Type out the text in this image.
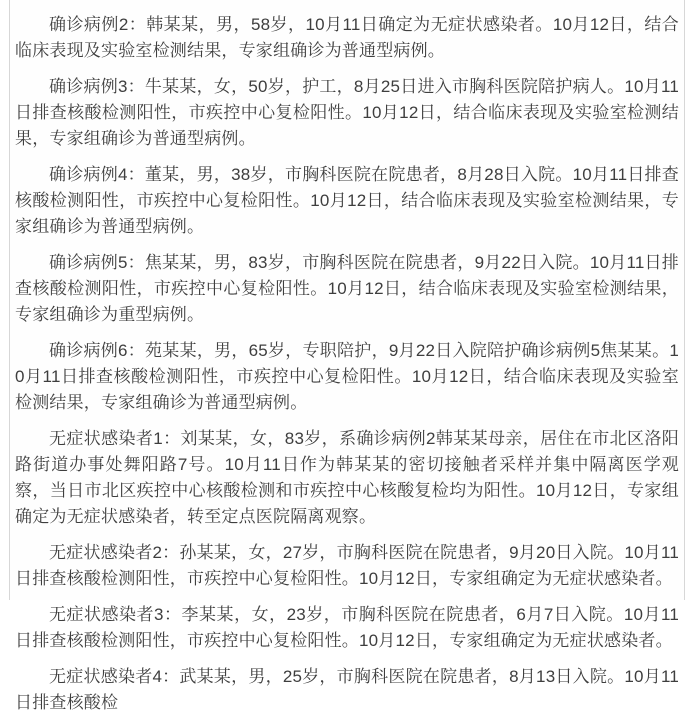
确诊病例2：韩某某，男，58岁，10月11日确定为无症状感染者。10月12日，结合临床表现及实验室检测结果，专家组确诊为普通型病例。

确诊病例3：牛某某，女，50岁，护工，8月25日进入市胸科医院陪护病人。10月11日排查核酸检测阳性，市疾控中心复检阳性。10月12日，结合临床表现及实验室检测结果，专家组确诊为普通型病例。

确诊病例4：董某，男，38岁，市胸科医院在院患者，8月28日入院。10月11日排查核酸检测阳性，市疾控中心复检阳性。10月12日，结合临床表现及实验室检测结果，专家组确诊为普通型病例。

确诊病例5：焦某某，男，83岁，市胸科医院在院患者，9月22日入院。10月11日排查核酸检测阳性，市疾控中心复检阳性。10月12日，结合临床表现及实验室检测结果，专家组确诊为重型病例。

确诊病例6：苑某某，男，65岁，专职陪护，9月22日入院陪护确诊病例5焦某某。10月11日排查核酸检测阳性，市疾控中心复检阳性。10月12日，结合临床表现及实验室检测结果，专家组确诊为普通型病例。

无症状感染者1：刘某某，女，83岁，系确诊病例2韩某某母亲，居住在市北区洛阳路街道办事处舞阳路7号。10月11日作为韩某某的密切接触者采样并集中隔离医学观察，当日市北区疾控中心核酸检测和市疾控中心核酸复检均为阳性。10月12日，专家组确定为无症状感染者，转至定点医院隔离观察。

无症状感染者2：孙某某，女，27岁，市胸科医院在院患者，9月20日入院。10月11日排查核酸检测阳性，市疾控中心复检阳性。10月12日，专家组确定为无症状感染者。

无症状感染者3：李某某，女，23岁，市胸科医院在院患者，6月7日入院。10月11日排查核酸检测阳性，市疾控中心复检阳性。10月12日，专家组确定为无症状感染者。

无症状感染者4：武某某，男，25岁，市胸科医院在院患者，8月13日入院。10月11日排查核酸检
